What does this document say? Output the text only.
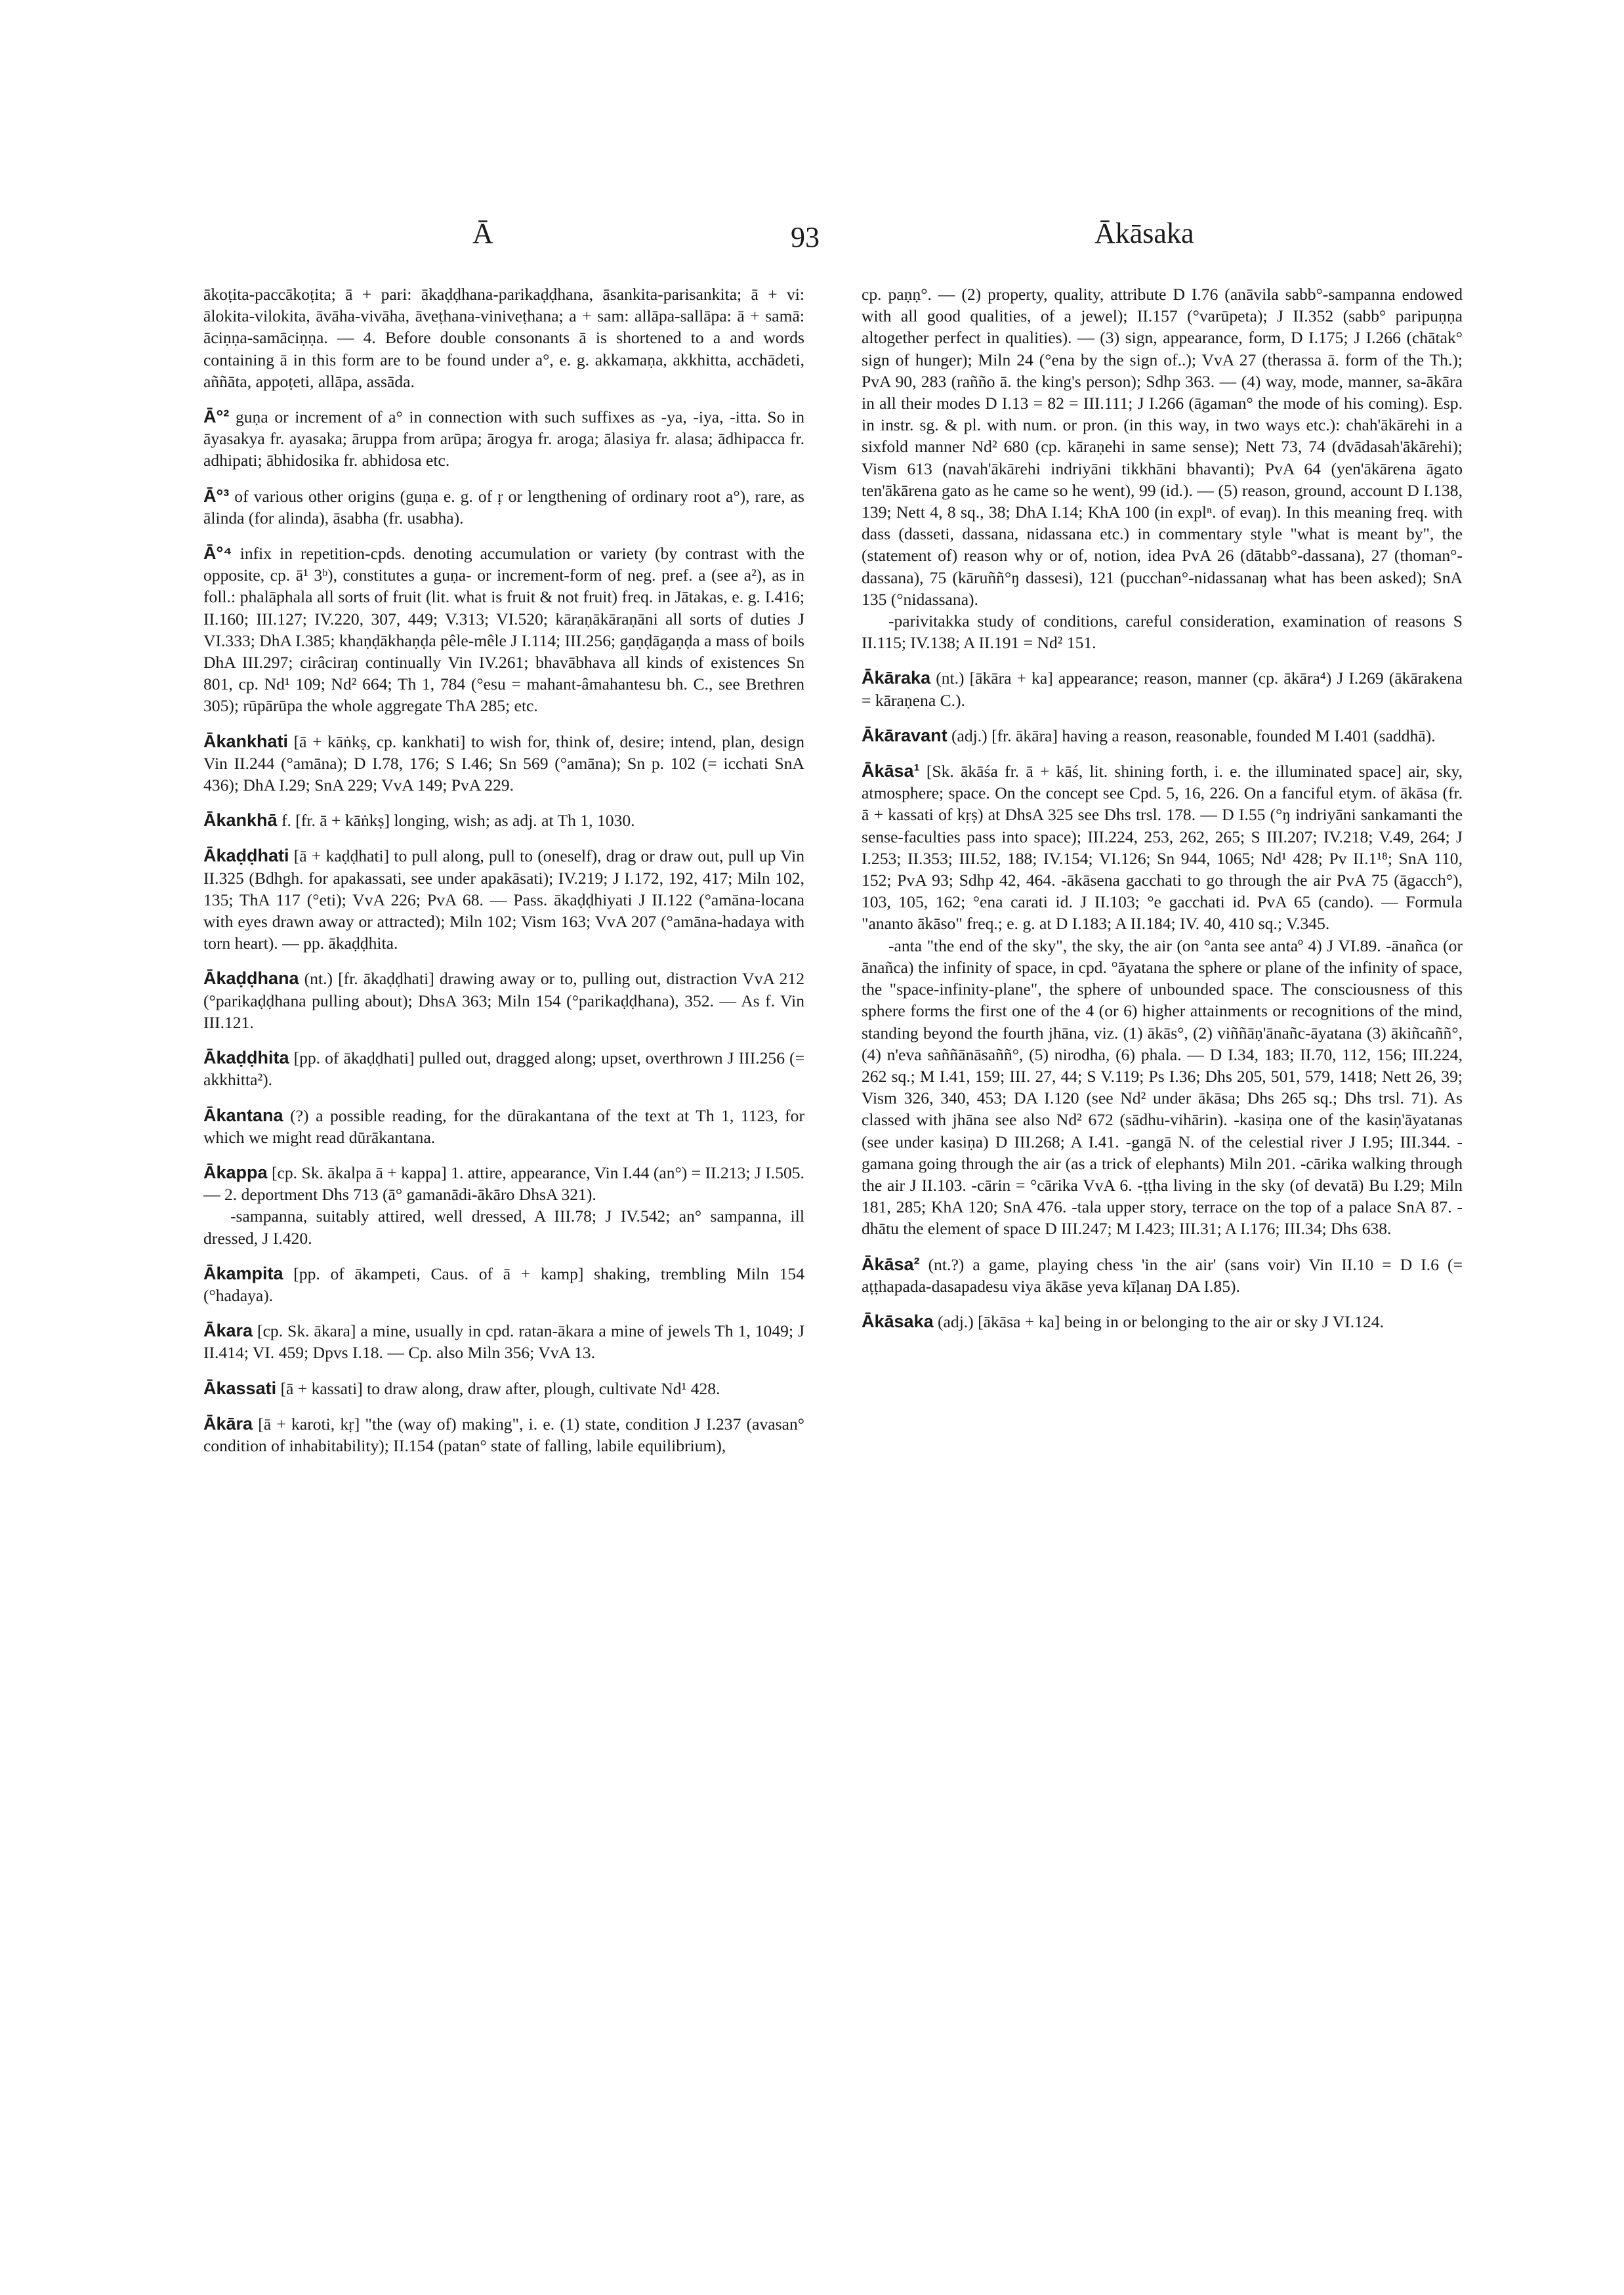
Ā	93	Ākāsaka

ākoṭita-paccākoṭita; ā + pari: ākaḍḍhana-parikaḍḍhana, āsankita-parisankita; ā + vi: ālokita-vilokita, āvāha-vivāha, āveṭhana-viniveṭhana; a + sam: allāpa-sallāpa: ā + samā: āciṇṇa-samāciṇṇa. — 4. Before double consonants ā is shortened to a and words containing ā in this form are to be found under a°, e. g. akkamaṇa, akkhitta, acchādeti, aññāta, appoṭeti, allāpa, assāda.

Ā°² guṇa or increment of a° in connection with such suffixes as -ya, -iya, -itta. So in āyasakya fr. ayasaka; āruppa from arūpa; ārogya fr. aroga; ālasiya fr. alasa; ādhipacca fr. adhipati; ābhidosika fr. abhidosa etc.

Ā°³ of various other origins (guṇa e. g. of ṛ or lengthening of ordinary root a°), rare, as ālinda (for alinda), āsabha (fr. usabha).

Ā°⁴ infix in repetition-cpds. denoting accumulation or variety (by contrast with the opposite, cp. ā¹ 3ᵇ), constitutes a guṇa- or increment-form of neg. pref. a (see a²), as in foll.: phalāphala all sorts of fruit (lit. what is fruit & not fruit) freq. in Jātakas, e. g. I.416; II.160; III.127; IV.220, 307, 449; V.313; VI.520; kāraṇākāraṇāni all sorts of duties J VI.333; DhA I.385; khaṇḍākhaṇḍa pêle-mêle J I.114; III.256; gaṇḍāgaṇḍa a mass of boils DhA III.297; cirâciraŋ continually Vin IV.261; bhavābhava all kinds of existences Sn 801, cp. Nd¹ 109; Nd² 664; Th 1, 784 (°esu = mahant-âmahantesu bh. C., see Brethren 305); rūpārūpa the whole aggregate ThA 285; etc.

Ākankhati [ā + kāṅkṣ, cp. kankhati] to wish for, think of, desire; intend, plan, design Vin II.244 (°amāna); D I.78, 176; S I.46; Sn 569 (°amāna); Sn p. 102 (= icchati SnA 436); DhA I.29; SnA 229; VvA 149; PvA 229.

Ākankhā f. [fr. ā + kāṅkṣ] longing, wish; as adj. at Th 1, 1030.

Ākaḍḍhati [ā + kaḍḍhati] to pull along, pull to (oneself), drag or draw out, pull up Vin II.325 (Bdhgh. for apakassati, see under apakāsati); IV.219; J I.172, 192, 417; Miln 102, 135; ThA 117 (°eti); VvA 226; PvA 68. — Pass. ākaḍḍhiyati J II.122 (°amāna-locana with eyes drawn away or attracted); Miln 102; Vism 163; VvA 207 (°amāna-hadaya with torn heart). — pp. ākaḍḍhita.

Ākaḍḍhana (nt.) [fr. ākaḍḍhati] drawing away or to, pulling out, distraction VvA 212 (°parikaḍḍhana pulling about); DhsA 363; Miln 154 (°parikaḍḍhana), 352. — As f. Vin III.121.

Ākaḍḍhita [pp. of ākaḍḍhati] pulled out, dragged along; upset, overthrown J III.256 (= akkhitta²).

Ākantana (?) a possible reading, for the dūrakantana of the text at Th 1, 1123, for which we might read dūrākantana.

Ākappa [cp. Sk. ākalpa ā + kappa] 1. attire, appearance, Vin I.44 (an°) = II.213; J I.505. — 2. deportment Dhs 713 (ā° gamanādi-ākāro DhsA 321).

-sampanna, suitably attired, well dressed, A III.78; J IV.542; an° sampanna, ill dressed, J I.420.

Ākampita [pp. of ākampeti, Caus. of ā + kamp] shaking, trembling Miln 154 (°hadaya).

Ākara [cp. Sk. ākara] a mine, usually in cpd. ratan-ākara a mine of jewels Th 1, 1049; J II.414; VI. 459; Dpvs I.18. — Cp. also Miln 356; VvA 13.

Ākassati [ā + kassati] to draw along, draw after, plough, cultivate Nd¹ 428.

Ākāra [ā + karoti, kṛ] "the (way of) making", i. e. (1) state, condition J I.237 (avasan° condition of inhabitability); II.154 (patan° state of falling, labile equilibrium),

cp. paṇṇ°. — (2) property, quality, attribute D I.76 (anāvila sabb°-sampanna endowed with all good qualities, of a jewel); II.157 (°varūpeta); J II.352 (sabb° paripuṇṇa altogether perfect in qualities). — (3) sign, appearance, form, D I.175; J I.266 (chātak° sign of hunger); Miln 24 (°ena by the sign of..); VvA 27 (therassa ā. form of the Th.); PvA 90, 283 (rañño ā. the king's person); Sdhp 363. — (4) way, mode, manner, sa-ākāra in all their modes D I.13 = 82 = III.111; J I.266 (āgaman° the mode of his coming). Esp. in instr. sg. & pl. with num. or pron. (in this way, in two ways etc.): chah'ākārehi in a sixfold manner Nd² 680 (cp. kāraṇehi in same sense); Nett 73, 74 (dvādasah'ākārehi); Vism 613 (navah'ākārehi indriyāni tikkhāni bhavanti); PvA 64 (yen'ākārena āgato ten'ākārena gato as he came so he went), 99 (id.). — (5) reason, ground, account D I.138, 139; Nett 4, 8 sq., 38; DhA I.14; KhA 100 (in explⁿ. of evaŋ). In this meaning freq. with dass (dasseti, dassana, nidassana etc.) in commentary style "what is meant by", the (statement of) reason why or of, notion, idea PvA 26 (dātabb°-dassana), 27 (thoman°-dassana), 75 (kāruññ°ŋ dassesi), 121 (pucchan°-nidassanaŋ what has been asked); SnA 135 (°nidassana).

-parivitakka study of conditions, careful consideration, examination of reasons S II.115; IV.138; A II.191 = Nd² 151.

Ākāraka (nt.) [ākāra + ka] appearance; reason, manner (cp. ākāra⁴) J I.269 (ākārakena = kāraṇena C.).

Ākāravant (adj.) [fr. ākāra] having a reason, reasonable, founded M I.401 (saddhā).

Ākāsa¹ [Sk. ākāśa fr. ā + kāś, lit. shining forth, i. e. the illuminated space] air, sky, atmosphere; space. On the concept see Cpd. 5, 16, 226. On a fanciful etym. of ākāsa (fr. ā + kassati of kṛṣ) at DhsA 325 see Dhs trsl. 178. — D I.55 (°ŋ indriyāni sankamanti the sense-faculties pass into space); III.224, 253, 262, 265; S III.207; IV.218; V.49, 264; J I.253; II.353; III.52, 188; IV.154; VI.126; Sn 944, 1065; Nd¹ 428; Pv II.1¹⁸; SnA 110, 152; PvA 93; Sdhp 42, 464. -ākāsena gacchati to go through the air PvA 75 (āgacch°), 103, 105, 162; °ena carati id. J II.103; °e gacchati id. PvA 65 (cando). — Formula "ananto ākāso" freq.; e. g. at D I.183; A II.184; IV. 40, 410 sq.; V.345.

-anta "the end of the sky", the sky, the air (on °anta see antaº 4) J VI.89. -ānañca (or ānañca) the infinity of space, in cpd. °āyatana the sphere or plane of the infinity of space, the "space-infinity-plane", the sphere of unbounded space. The consciousness of this sphere forms the first one of the 4 (or 6) higher attainments or recognitions of the mind, standing beyond the fourth jhāna, viz. (1) ākās°, (2) viññāṇ'ānañc-āyatana (3) ākiñcaññ°, (4) n'eva saññānāsaññ°, (5) nirodha, (6) phala. — D I.34, 183; II.70, 112, 156; III.224, 262 sq.; M I.41, 159; III. 27, 44; S V.119; Ps I.36; Dhs 205, 501, 579, 1418; Nett 26, 39; Vism 326, 340, 453; DA I.120 (see Nd² under ākāsa; Dhs 265 sq.; Dhs trsl. 71). As classed with jhāna see also Nd² 672 (sādhu-vihārin). -kasiṇa one of the kasiṇ'āyatanas (see under kasiṇa) D III.268; A I.41. -gangā N. of the celestial river J I.95; III.344. -gamana going through the air (as a trick of elephants) Miln 201. -cārika walking through the air J II.103. -cārin = °cārika VvA 6. -ṭṭha living in the sky (of devatā) Bu I.29; Miln 181, 285; KhA 120; SnA 476. -tala upper story, terrace on the top of a palace SnA 87. -dhātu the element of space D III.247; M I.423; III.31; A I.176; III.34; Dhs 638.

Ākāsa² (nt.?) a game, playing chess 'in the air' (sans voir) Vin II.10 = D I.6 (= aṭṭhapada-dasapadesu viya ākāse yeva kīḷanaŋ DA I.85).

Ākāsaka (adj.) [ākāsa + ka] being in or belonging to the air or sky J VI.124.
